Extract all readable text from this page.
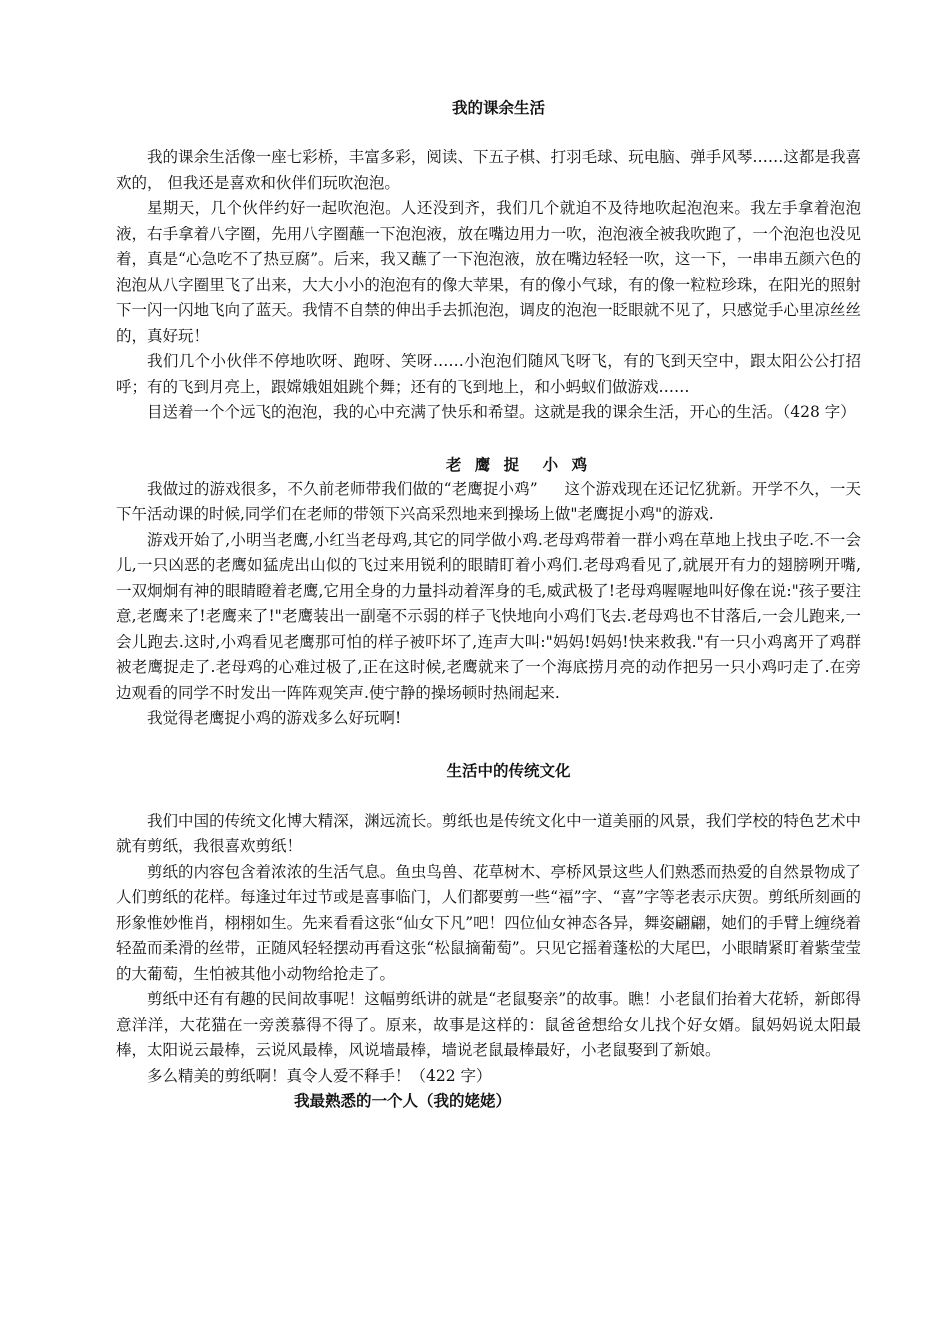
我的课余生活

我的课余生活像一座七彩桥，丰富多彩，阅读、下五子棋、打羽毛球、玩电脑、弹手风琴……这都是我喜欢的， 但我还是喜欢和伙伴们玩吹泡泡。

星期天，几个伙伴约好一起吹泡泡。人还没到齐，我们几个就迫不及待地吹起泡泡来。我左手拿着泡泡液，右手拿着八字圈，先用八字圈蘸一下泡泡液，放在嘴边用力一吹，泡泡液全被我吹跑了，一个泡泡也没见着，真是“心急吃不了热豆腐”。后来，我又蘸了一下泡泡液，放在嘴边轻轻一吹，这一下，一串串五颜六色的泡泡从八字圈里飞了出来，大大小小的泡泡有的像大苹果，有的像小气球，有的像一粒粒珍珠，在阳光的照射下一闪一闪地飞向了蓝天。我情不自禁的伸出手去抓泡泡，调皮的泡泡一眨眼就不见了，只感觉手心里凉丝丝的，真好玩！

我们几个小伙伴不停地吹呀、跑呀、笑呀……小泡泡们随风飞呀飞，有的飞到天空中，跟太阳公公打招呼；有的飞到月亮上，跟嫦娥姐姐跳个舞；还有的飞到地上，和小蚂蚁们做游戏……

目送着一个个远飞的泡泡，我的心中充满了快乐和希望。这就是我的课余生活，开心的生活。（428 字）

老 鹰 捉　小 鸡

我做过的游戏很多，不久前老师带我们做的“老鹰捉小鸡”　 这个游戏现在还记忆犹新。开学不久，一天下午活动课的时候,同学们在老师的带领下兴高采烈地来到操场上做"老鹰捉小鸡"的游戏.

游戏开始了,小明当老鹰,小红当老母鸡,其它的同学做小鸡.老母鸡带着一群小鸡在草地上找虫子吃.不一会儿,一只凶恶的老鹰如猛虎出山似的飞过来用锐利的眼睛盯着小鸡们.老母鸡看见了,就展开有力的翅膀咧开嘴,一双炯炯有神的眼睛瞪着老鹰,它用全身的力量抖动着浑身的毛,威武极了!老母鸡喔喔地叫好像在说:"孩子要注意,老鹰来了!老鹰来了!"老鹰装出一副毫不示弱的样子飞快地向小鸡们飞去.老母鸡也不甘落后,一会儿跑来,一会儿跑去.这时,小鸡看见老鹰那可怕的样子被吓坏了,连声大叫:"妈妈!妈妈!快来救我."有一只小鸡离开了鸡群被老鹰捉走了.老母鸡的心难过极了,正在这时候,老鹰就来了一个海底捞月亮的动作把另一只小鸡叼走了.在旁边观看的同学不时发出一阵阵观笑声.使宁静的操场顿时热闹起来.

我觉得老鹰捉小鸡的游戏多么好玩啊!

生活中的传统文化

我们中国的传统文化博大精深，渊远流长。剪纸也是传统文化中一道美丽的风景，我们学校的特色艺术中就有剪纸，我很喜欢剪纸！

剪纸的内容包含着浓浓的生活气息。鱼虫鸟兽、花草树木、亭桥风景这些人们熟悉而热爱的自然景物成了人们剪纸的花样。每逢过年过节或是喜事临门，人们都要剪一些“福”字、“喜”字等老表示庆贺。剪纸所刻画的形象惟妙惟肖，栩栩如生。先来看看这张“仙女下凡”吧！四位仙女神态各异，舞姿翩翩，她们的手臂上缠绕着轻盈而柔滑的丝带，正随风轻轻摆动再看这张“松鼠摘葡萄”。只见它摇着蓬松的大尾巴，小眼睛紧盯着紫莹莹的大葡萄，生怕被其他小动物给抢走了。

剪纸中还有有趣的民间故事呢！这幅剪纸讲的就是“老鼠娶亲”的故事。瞧！小老鼠们抬着大花轿，新郎得意洋洋，大花猫在一旁羡慕得不得了。原来，故事是这样的：鼠爸爸想给女儿找个好女婿。鼠妈妈说太阳最棒，太阳说云最棒，云说风最棒，风说墙最棒，墙说老鼠最棒最好，小老鼠娶到了新娘。

多么精美的剪纸啊！真令人爱不释手！（422 字）

我最熟悉的一个人（我的姥姥）
